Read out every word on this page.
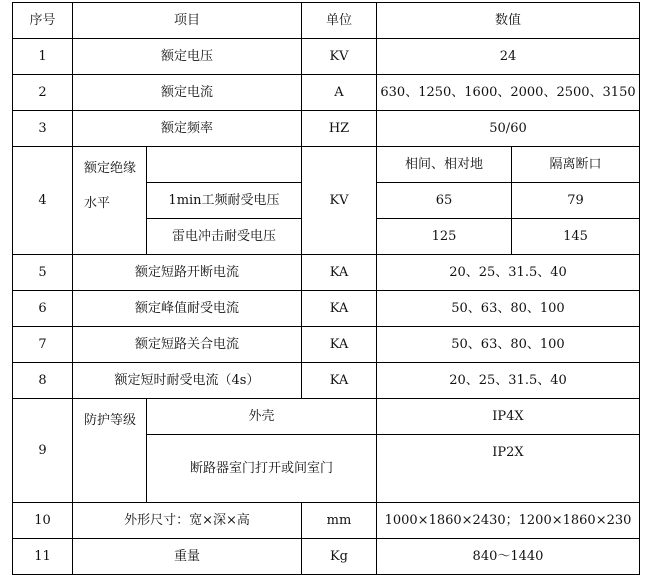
序号	项目		单位	数值	
1	额定电压		KV	24	
2	额定电流		A	630、1250、1600、2000、2500、3150	
3	额定频率		HZ	50/60	
4	额定绝缘水平		KV	相间、相对地	隔离断口
		1min工频耐受电压		65	79
		雷电冲击耐受电压		125	145
5	额定短路开断电流		KA	20、25、31.5、40	
6	额定峰值耐受电流		KA	50、63、80、100	
7	额定短路关合电流		KA	50、63、80、100	
8	额定短时耐受电流（4s）		KA	20、25、31.5、40	
9	防护等级	外壳		IP4X	
		断路器室门打开或间室门		IP2X	
10	外形尺寸：宽×深×高		mm	1000×1860×2430；1200×1860×230	
11	重量		Kg	840～1440	
